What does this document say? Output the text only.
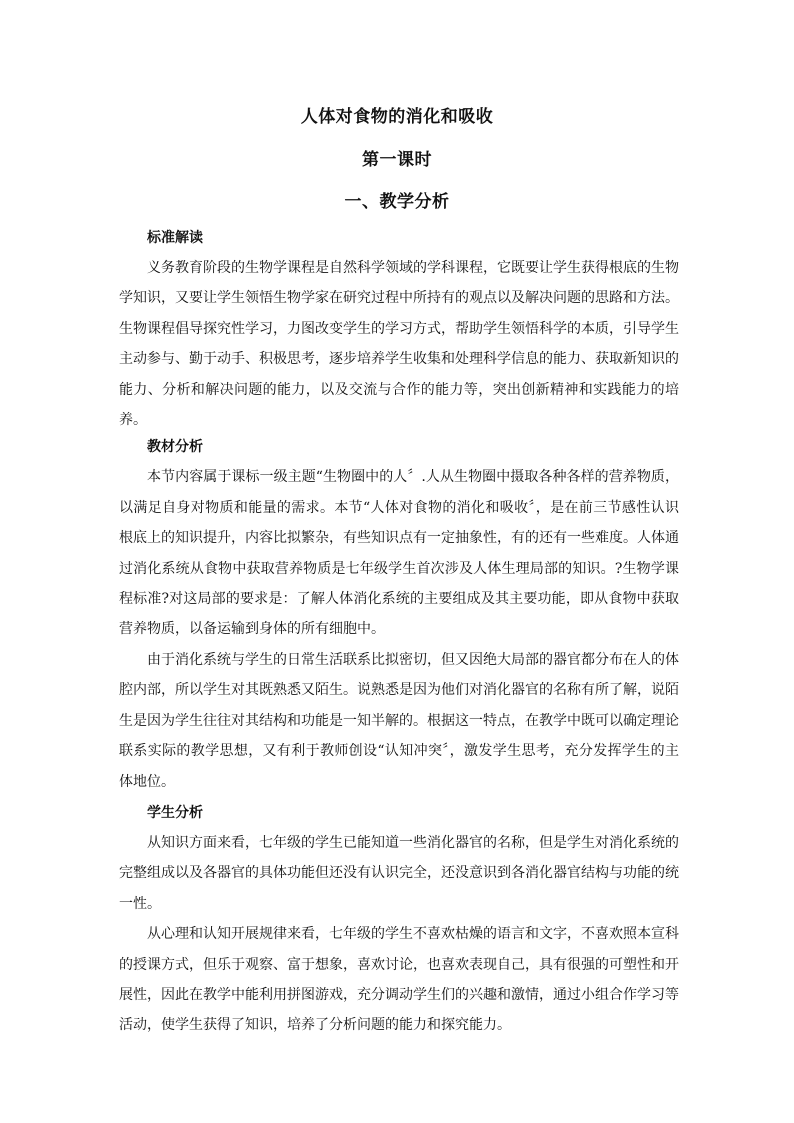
人体对食物的消化和吸收
第一课时
一、教学分析

标准解读

义务教育阶段的生物学课程是自然科学领域的学科课程，它既要让学生获得根底的生物学知识，又要让学生领悟生物学家在研究过程中所持有的观点以及解决问题的思路和方法。生物课程倡导探究性学习，力图改变学生的学习方式，帮助学生领悟科学的本质，引导学生主动参与、勤于动手、积极思考，逐步培养学生收集和处理科学信息的能力、获取新知识的能力、分析和解决问题的能力，以及交流与合作的能力等，突出创新精神和实践能力的培养。

教材分析

本节内容属于课标一级主题“生物圈中的人〞.人从生物圈中摄取各种各样的营养物质，以满足自身对物质和能量的需求。本节“人体对食物的消化和吸收〞，是在前三节感性认识根底上的知识提升，内容比拟繁杂，有些知识点有一定抽象性，有的还有一些难度。人体通过消化系统从食物中获取营养物质是七年级学生首次涉及人体生理局部的知识。?生物学课程标准?对这局部的要求是：了解人体消化系统的主要组成及其主要功能，即从食物中获取营养物质，以备运输到身体的所有细胞中。

由于消化系统与学生的日常生活联系比拟密切，但又因绝大局部的器官都分布在人的体腔内部，所以学生对其既熟悉又陌生。说熟悉是因为他们对消化器官的名称有所了解，说陌生是因为学生往往对其结构和功能是一知半解的。根据这一特点，在教学中既可以确定理论联系实际的教学思想，又有利于教师创设“认知冲突〞，激发学生思考，充分发挥学生的主体地位。

学生分析

从知识方面来看，七年级的学生已能知道一些消化器官的名称，但是学生对消化系统的完整组成以及各器官的具体功能但还没有认识完全，还没意识到各消化器官结构与功能的统一性。

从心理和认知开展规律来看，七年级的学生不喜欢枯燥的语言和文字，不喜欢照本宣科的授课方式，但乐于观察、富于想象，喜欢讨论，也喜欢表现自己，具有很强的可塑性和开展性，因此在教学中能利用拼图游戏，充分调动学生们的兴趣和激情，通过小组合作学习等活动，使学生获得了知识，培养了分析问题的能力和探究能力。
